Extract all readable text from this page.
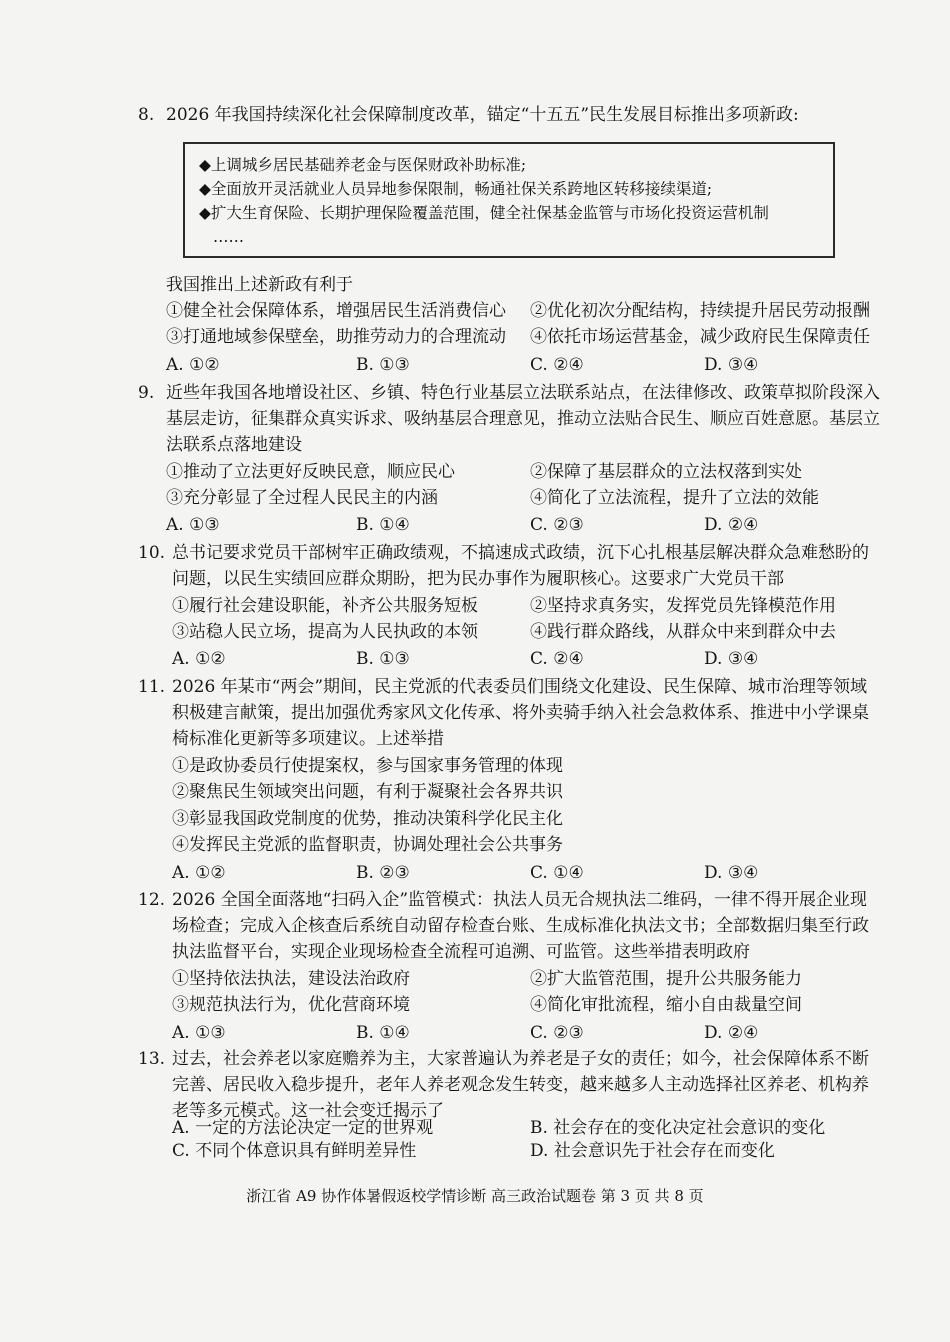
8. 2026 年我国持续深化社会保障制度改革，锚定“十五五”民生发展目标推出多项新政:
◆上调城乡居民基础养老金与医保财政补助标准;
◆全面放开灵活就业人员异地参保限制，畅通社保关系跨地区转移接续渠道;
◆扩大生育保险、长期护理保险覆盖范围，健全社保基金监管与市场化投资运营机制
……
我国推出上述新政有利于
①健全社会保障体系，增强居民生活消费信心 ②优化初次分配结构，持续提升居民劳动报酬
③打通地域参保壁垒，助推劳动力的合理流动 ④依托市场运营基金，减少政府民生保障责任
A. ①②	B. ①③	C. ②④	D. ③④
9. 近些年我国各地增设社区、乡镇、特色行业基层立法联系站点，在法律修改、政策草拟阶段深入
基层走访，征集群众真实诉求、吸纳基层合理意见，推动立法贴合民生、顺应百姓意愿。基层立
法联系点落地建设
①推动了立法更好反映民意，顺应民心	②保障了基层群众的立法权落到实处
③充分彰显了全过程人民民主的内涵	④简化了立法流程，提升了立法的效能
A. ①③	B. ①④	C. ②③	D. ②④
10. 总书记要求党员干部树牢正确政绩观，不搞速成式政绩，沉下心扎根基层解决群众急难愁盼的
问题，以民生实绩回应群众期盼，把为民办事作为履职核心。这要求广大党员干部
①履行社会建设职能，补齐公共服务短板	②坚持求真务实，发挥党员先锋模范作用
③站稳人民立场，提高为人民执政的本领	④践行群众路线，从群众中来到群众中去
A. ①②	B. ①③	C. ②④	D. ③④
11. 2026 年某市“两会”期间，民主党派的代表委员们围绕文化建设、民生保障、城市治理等领域
积极建言献策，提出加强优秀家风文化传承、将外卖骑手纳入社会急救体系、推进中小学课桌
椅标准化更新等多项建议。上述举措
①是政协委员行使提案权，参与国家事务管理的体现
②聚焦民生领域突出问题，有利于凝聚社会各界共识
③彰显我国政党制度的优势，推动决策科学化民主化
④发挥民主党派的监督职责，协调处理社会公共事务
A. ①②	B. ②③	C. ①④	D. ③④
12. 2026 全国全面落地“扫码入企”监管模式：执法人员无合规执法二维码，一律不得开展企业现
场检查；完成入企核查后系统自动留存检查台账、生成标准化执法文书；全部数据归集至行政
执法监督平台，实现企业现场检查全流程可追溯、可监管。这些举措表明政府
①坚持依法执法，建设法治政府	②扩大监管范围，提升公共服务能力
③规范执法行为，优化营商环境	④简化审批流程，缩小自由裁量空间
A. ①③	B. ①④	C. ②③	D. ②④
13. 过去，社会养老以家庭赡养为主，大家普遍认为养老是子女的责任；如今，社会保障体系不断
完善、居民收入稳步提升，老年人养老观念发生转变，越来越多人主动选择社区养老、机构养
老等多元模式。这一社会变迁揭示了
A. 一定的方法论决定一定的世界观	B. 社会存在的变化决定社会意识的变化
C. 不同个体意识具有鲜明差异性	D. 社会意识先于社会存在而变化
浙江省 A9 协作体暑假返校学情诊断 高三政治试题卷 第 3 页 共 8 页
